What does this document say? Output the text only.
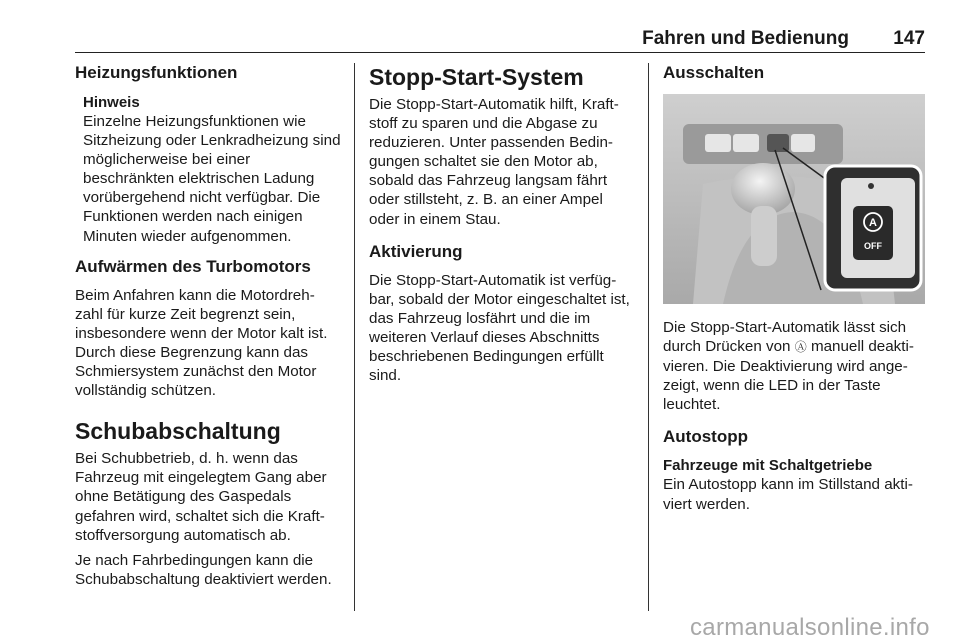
Fahren und Bedienung 147
Heizungsfunktionen
Hinweis

Einzelne Heizungsfunktionen wie Sitzheizung oder Lenkradheizung sind möglicherweise bei einer beschränkten elektrischen Ladung vorübergehend nicht verfügbar. Die Funktionen werden nach einigen Minuten wieder aufgenommen.

Aufwärmen des Turbomotors

Beim Anfahren kann die Motordreh- zahl für kurze Zeit begrenzt sein, insbesondere wenn der Motor kalt ist. Durch diese Begrenzung kann das Schmiersystem zunächst den Motor vollständig schützen.

Schubabschaltung

Bei Schubbetrieb, d. h. wenn das Fahrzeug mit eingelegtem Gang aber ohne Betätigung des Gaspedals gefahren wird, schaltet sich die Kraft- stoffversorgung automatisch ab.

Je nach Fahrbedingungen kann die Schubabschaltung deaktiviert werden.

Stopp-Start-System

Die Stopp-Start-Automatik hilft, Kraft- stoff zu sparen und die Abgase zu reduzieren. Unter passenden Bedin- gungen schaltet sie den Motor ab, sobald das Fahrzeug langsam fährt oder stillsteht, z. B. an einer Ampel oder in einem Stau.

Aktivierung

Die Stopp-Start-Automatik ist verfüg- bar, sobald der Motor eingeschaltet ist, das Fahrzeug losfährt und die im weiteren Verlauf dieses Abschnitts beschriebenen Bedingungen erfüllt sind.

Ausschalten
A
OFF

Die Stopp-Start-Automatik lässt sich durch Drücken von Ⓐ manuell deakti- vieren. Die Deaktivierung wird ange- zeigt, wenn die LED in der Taste leuchtet.

Autostopp
Fahrzeuge mit Schaltgetriebe

Ein Autostopp kann im Stillstand akti- viert werden.

carmanualsonline.info
